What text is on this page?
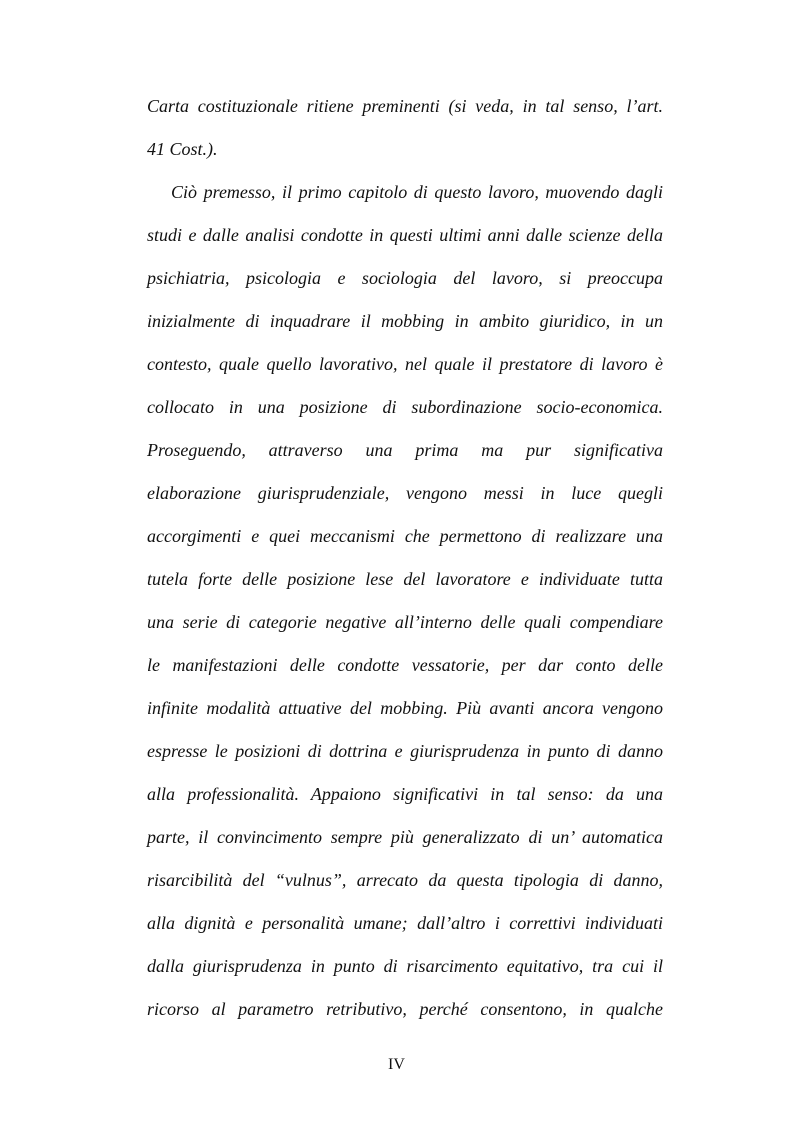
Carta costituzionale ritiene preminenti (si veda, in tal senso, l’art.
41 Cost.).
Ciò premesso, il primo capitolo di questo lavoro, muovendo dagli
studi e dalle analisi condotte in questi ultimi anni dalle scienze della
psichiatria, psicologia e sociologia del lavoro, si preoccupa
inizialmente di inquadrare il mobbing in ambito giuridico, in un
contesto, quale quello lavorativo, nel quale il prestatore di lavoro è
collocato in una posizione di subordinazione socio-economica.
Proseguendo, attraverso una prima ma pur significativa
elaborazione giurisprudenziale, vengono messi in luce quegli
accorgimenti e quei meccanismi che permettono di realizzare una
tutela forte delle posizione lese del lavoratore e individuate tutta
una serie di categorie negative all’interno delle quali compendiare
le manifestazioni delle condotte vessatorie, per dar conto delle
infinite modalità attuative del mobbing. Più avanti ancora vengono
espresse le posizioni di dottrina e giurisprudenza in punto di danno
alla professionalità. Appaiono significativi in tal senso: da una
parte, il convincimento sempre più generalizzato di un’ automatica
risarcibilità del “vulnus”, arrecato da questa tipologia di danno,
alla dignità e personalità umane; dall’altro i correttivi individuati
dalla giurisprudenza in punto di risarcimento equitativo, tra cui il
ricorso al parametro retributivo, perché consentono, in qualche
IV
